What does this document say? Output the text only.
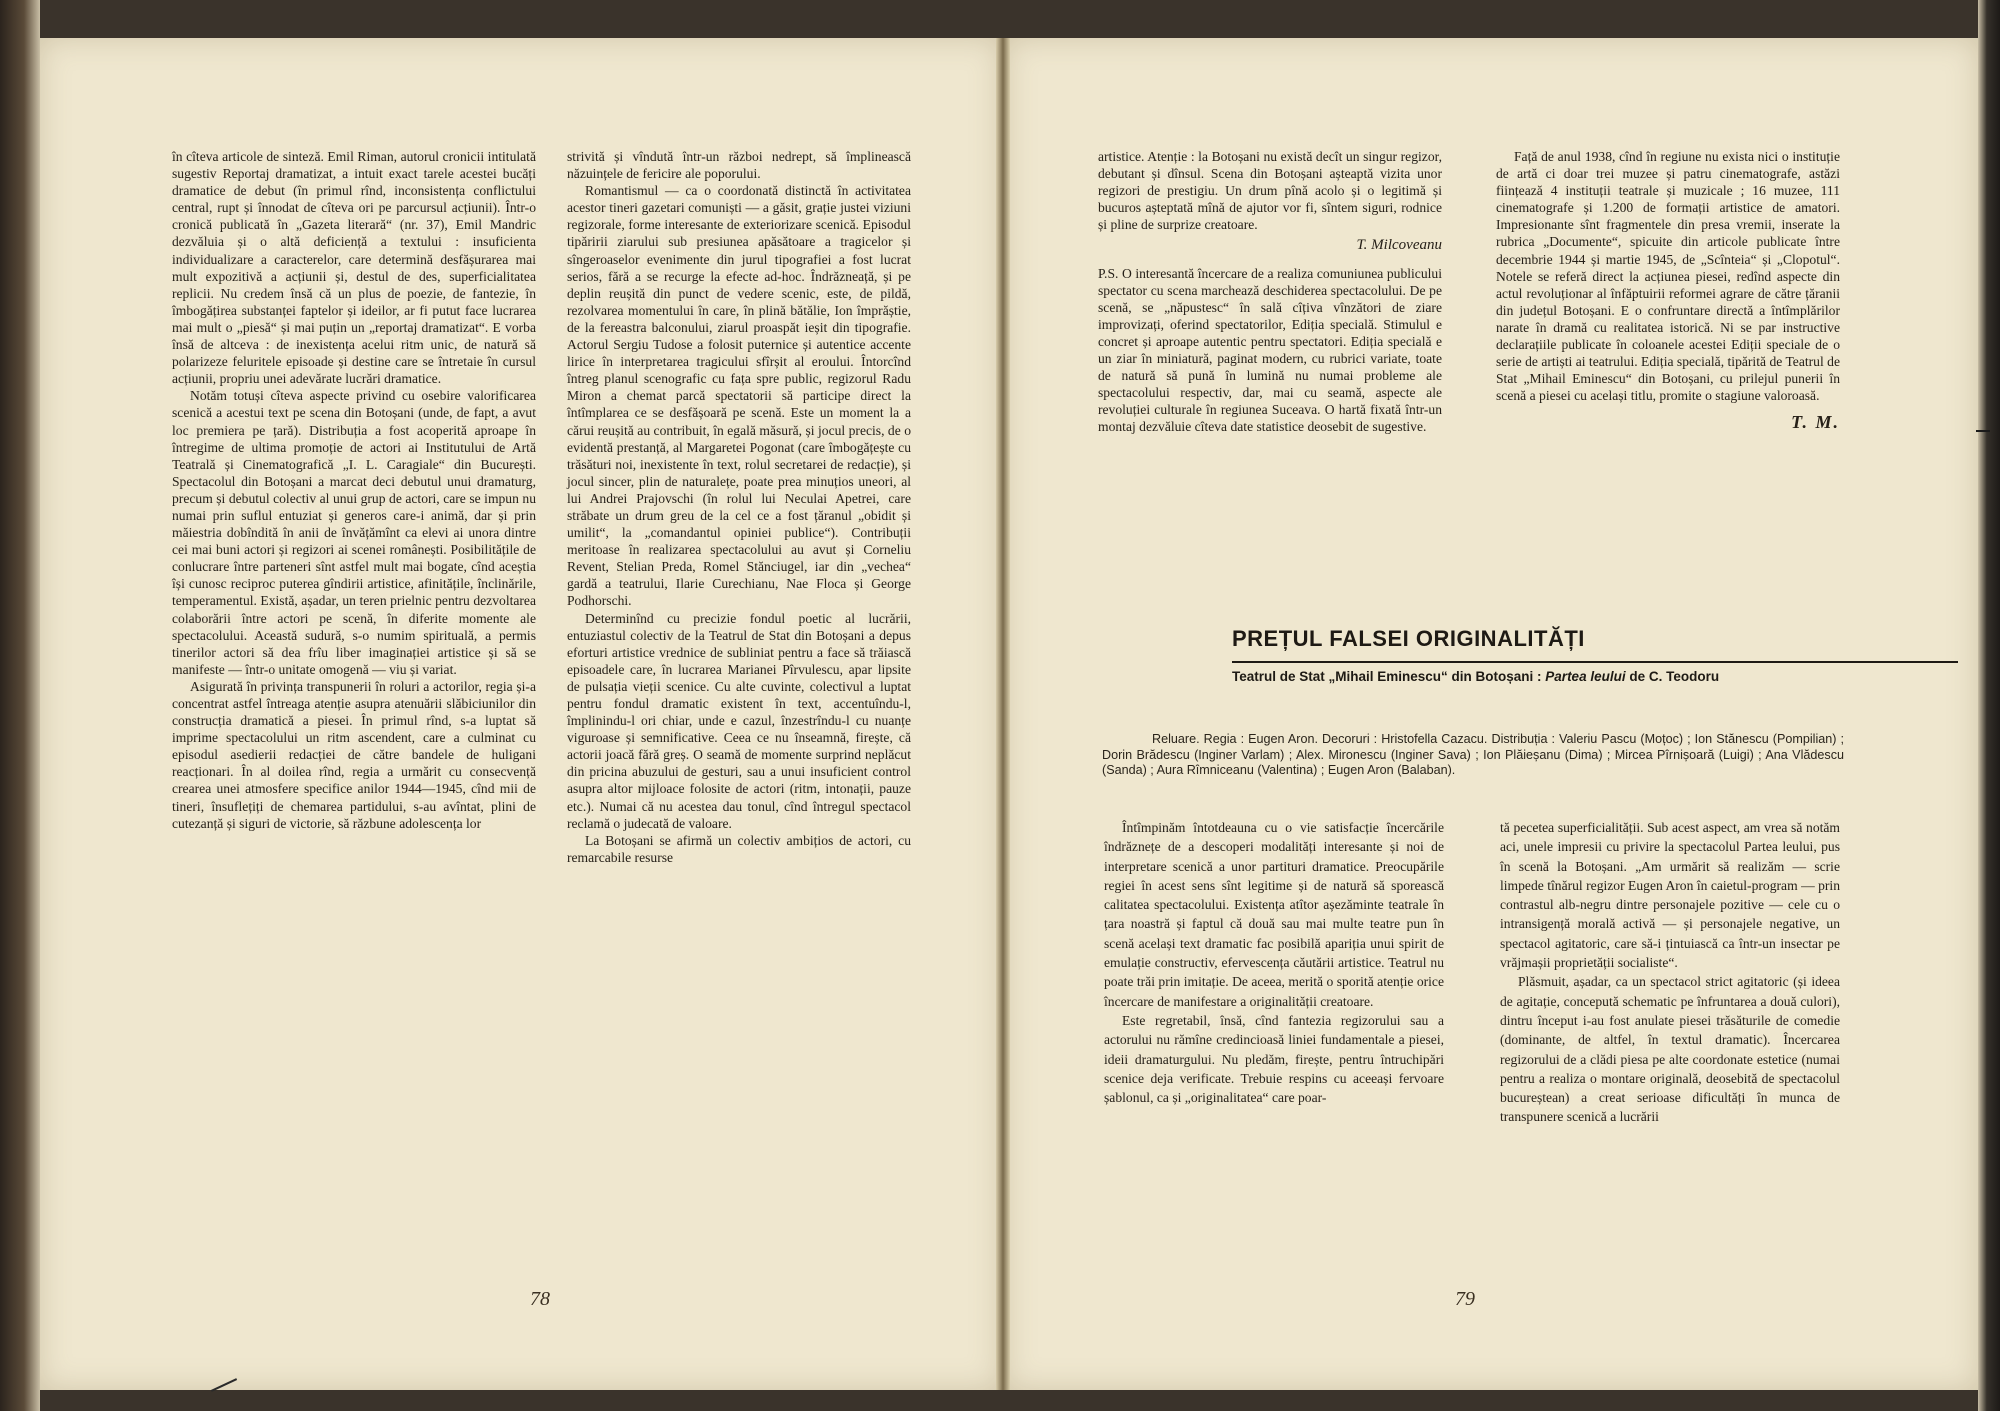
în cîteva articole de sinteză. Emil Riman, autorul cronicii intitulată sugestiv Reportaj dramatizat, a intuit exact tarele acestei bucăți dramatice de debut (în primul rînd, inconsistența conflictului central, rupt și înnodat de cîteva ori pe parcursul acțiunii). Într-o cronică publicată în „Gazeta literară“ (nr. 37), Emil Mandric dezvăluia și o altă deficiență a textului : insuficienta individualizare a caracterelor, care determină desfășurarea mai mult expozitivă a acțiunii și, destul de des, superficialitatea replicii. Nu credem însă că un plus de poezie, de fantezie, în îmbogățirea substanței faptelor și ideilor, ar fi putut face lucrarea mai mult o „piesă“ și mai puțin un „reportaj dramatizat“. E vorba însă de altceva : de inexistența acelui ritm unic, de natură să polarizeze feluritele episoade și destine care se întretaie în cursul acțiunii, propriu unei adevărate lucrări dramatice.

Notăm totuși cîteva aspecte privind cu osebire valorificarea scenică a acestui text pe scena din Botoșani (unde, de fapt, a avut loc premiera pe țară). Distribuția a fost acoperită aproape în întregime de ultima promoție de actori ai Institutului de Artă Teatrală și Cinematografică „I. L. Caragiale“ din București. Spectacolul din Botoșani a marcat deci debutul unui dramaturg, precum și debutul colectiv al unui grup de actori, care se impun nu numai prin suflul entuziat și generos care-i animă, dar și prin măiestria dobîndită în anii de învățămînt ca elevi ai unora dintre cei mai buni actori și regizori ai scenei românești. Posibilitățile de conlucrare între parteneri sînt astfel mult mai bogate, cînd aceștia își cunosc reciproc puterea gîndirii artistice, afinitățile, înclinările, temperamentul. Există, așadar, un teren prielnic pentru dezvoltarea colaborării între actori pe scenă, în diferite momente ale spectacolului. Această sudură, s-o numim spirituală, a permis tinerilor actori să dea frîu liber imaginației artistice și să se manifeste — într-o unitate omogenă — viu și variat.

Asigurată în privința transpunerii în roluri a actorilor, regia și-a concentrat astfel întreaga atenție asupra atenuării slăbiciunilor din construcția dramatică a piesei. În primul rînd, s-a luptat să imprime spectacolului un ritm ascendent, care a culminat cu episodul asedierii redacției de către bandele de huligani reacționari. În al doilea rînd, regia a urmărit cu consecvență crearea unei atmosfere specifice anilor 1944—1945, cînd mii de tineri, însuflețiți de chemarea partidului, s-au avîntat, plini de cutezanță și siguri de victorie, să răzbune adolescența lor

strivită și vîndută într-un război nedrept, să împlinească năzuințele de fericire ale poporului.

Romantismul — ca o coordonată distinctă în activitatea acestor tineri gazetari comuniști — a găsit, grație justei viziuni regizorale, forme interesante de exteriorizare scenică. Episodul tipăririi ziarului sub presiunea apăsătoare a tragicelor și sîngeroaselor evenimente din jurul tipografiei a fost lucrat serios, fără a se recurge la efecte ad-hoc. Îndrăzneață, și pe deplin reușită din punct de vedere scenic, este, de pildă, rezolvarea momentului în care, în plină bătălie, Ion împrăștie, de la fereastra balconului, ziarul proaspăt ieșit din tipografie. Actorul Sergiu Tudose a folosit puternice și autentice accente lirice în interpretarea tragicului sfîrșit al eroului. Întorcînd întreg planul scenografic cu fața spre public, regizorul Radu Miron a chemat parcă spectatorii să participe direct la întîmplarea ce se desfășoară pe scenă. Este un moment la a cărui reușită au contribuit, în egală măsură, și jocul precis, de o evidentă prestanță, al Margaretei Pogonat (care îmbogățește cu trăsături noi, inexistente în text, rolul secretarei de redacție), și jocul sincer, plin de naturalețe, poate prea minuțios uneori, al lui Andrei Prajovschi (în rolul lui Neculai Apetrei, care străbate un drum greu de la cel ce a fost țăranul „obidit și umilit“, la „comandantul opiniei publice“). Contribuții meritoase în realizarea spectacolului au avut și Corneliu Revent, Stelian Preda, Romel Stănciugel, iar din „vechea“ gardă a teatrului, Ilarie Curechianu, Nae Floca și George Podhorschi.

Determinînd cu precizie fondul poetic al lucrării, entuziastul colectiv de la Teatrul de Stat din Botoșani a depus eforturi artistice vrednice de subliniat pentru a face să trăiască episoadele care, în lucrarea Marianei Pîrvulescu, apar lipsite de pulsația vieții scenice. Cu alte cuvinte, colectivul a luptat pentru fondul dramatic existent în text, accentuîndu-l, împlinindu-l ori chiar, unde e cazul, înzestrîndu-l cu nuanțe viguroase și semnificative. Ceea ce nu înseamnă, firește, că actorii joacă fără greș. O seamă de momente surprind neplăcut din pricina abuzului de gesturi, sau a unui insuficient control asupra altor mijloace folosite de actori (ritm, intonații, pauze etc.). Numai că nu acestea dau tonul, cînd întregul spectacol reclamă o judecată de valoare.

La Botoșani se afirmă un colectiv ambițios de actori, cu remarcabile resurse

78

artistice. Atenție : la Botoșani nu există decît un singur regizor, debutant și dînsul. Scena din Botoșani așteaptă vizita unor regizori de prestigiu. Un drum pînă acolo și o legitimă și bucuros așteptată mînă de ajutor vor fi, sîntem siguri, rodnice și pline de surprize creatoare.

T. Milcoveanu

P.S. O interesantă încercare de a realiza comuniunea publicului spectator cu scena marchează deschiderea spectacolului. De pe scenă, se „năpustesc“ în sală cîțiva vînzători de ziare improvizați, oferind spectatorilor, Ediția specială. Stimulul e concret și aproape autentic pentru spectatori. Ediția specială e un ziar în miniatură, paginat modern, cu rubrici variate, toate de natură să pună în lumină nu numai probleme ale spectacolului respectiv, dar, mai cu seamă, aspecte ale revoluției culturale în regiunea Suceava. O hartă fixată într-un montaj dezvăluie cîteva date statistice deosebit de sugestive.

Față de anul 1938, cînd în regiune nu exista nici o instituție de artă ci doar trei muzee și patru cinematografe, astăzi ființează 4 instituții teatrale și muzicale ; 16 muzee, 111 cinematografe și 1.200 de formații artistice de amatori. Impresionante sînt fragmentele din presa vremii, inserate la rubrica „Documente“, spicuite din articole publicate între decembrie 1944 și martie 1945, de „Scînteia“ și „Clopotul“. Notele se referă direct la acțiunea piesei, redînd aspecte din actul revoluționar al înfăptuirii reformei agrare de către țăranii din județul Botoșani. E o confruntare directă a întîmplărilor narate în dramă cu realitatea istorică. Ni se par instructive declarațiile publicate în coloanele acestei Ediții speciale de o serie de artiști ai teatrului. Ediția specială, tipărită de Teatrul de Stat „Mihail Eminescu“ din Botoșani, cu prilejul punerii în scenă a piesei cu același titlu, promite o stagiune valoroasă.

T. M.

PREȚUL FALSEI ORIGINALITĂȚI
Teatrul de Stat „Mihail Eminescu“ din Botoșani : Partea leului de C. Teodoru
Reluare. Regia : Eugen Aron. Decoruri : Hristofella Cazacu. Distribuția : Valeriu Pascu (Moțoc) ; Ion Stănescu (Pompilian) ; Dorin Brădescu (Inginer Varlam) ; Alex. Mironescu (Inginer Sava) ; Ion Plăieșanu (Dima) ; Mircea Pîrnișoară (Luigi) ; Ana Vlădescu (Sanda) ; Aura Rîmniceanu (Valentina) ; Eugen Aron (Balaban).

Întîmpinăm întotdeauna cu o vie satisfacție încercările îndrăznețe de a descoperi modalități interesante și noi de interpretare scenică a unor partituri dramatice. Preocupările regiei în acest sens sînt legitime și de natură să sporească calitatea spectacolului. Existența atîtor așezăminte teatrale în țara noastră și faptul că două sau mai multe teatre pun în scenă același text dramatic fac posibilă apariția unui spirit de emulație constructiv, efervescența căutării artistice. Teatrul nu poate trăi prin imitație. De aceea, merită o sporită atenție orice încercare de manifestare a originalității creatoare.

Este regretabil, însă, cînd fantezia regizorului sau a actorului nu rămîne credincioasă liniei fundamentale a piesei, ideii dramaturgului. Nu pledăm, firește, pentru întruchipări scenice deja verificate. Trebuie respins cu aceeași fervoare șablonul, ca și „originalitatea“ care poar-

tă pecetea superficialității. Sub acest aspect, am vrea să notăm aci, unele impresii cu privire la spectacolul Partea leului, pus în scenă la Botoșani. „Am urmărit să realizăm — scrie limpede tînărul regizor Eugen Aron în caietul-program — prin contrastul alb-negru dintre personajele pozitive — cele cu o intransigență morală activă — și personajele negative, un spectacol agitatoric, care să-i țintuiască ca într-un insectar pe vrăjmașii proprietății socialiste“.

Plăsmuit, așadar, ca un spectacol strict agitatoric (și ideea de agitație, concepută schematic pe înfruntarea a două culori), dintru început i-au fost anulate piesei trăsăturile de comedie (dominante, de altfel, în textul dramatic). Încercarea regizorului de a clădi piesa pe alte coordonate estetice (numai pentru a realiza o montare originală, deosebită de spectacolul bucureștean) a creat serioase dificultăți în munca de transpunere scenică a lucrării

79
